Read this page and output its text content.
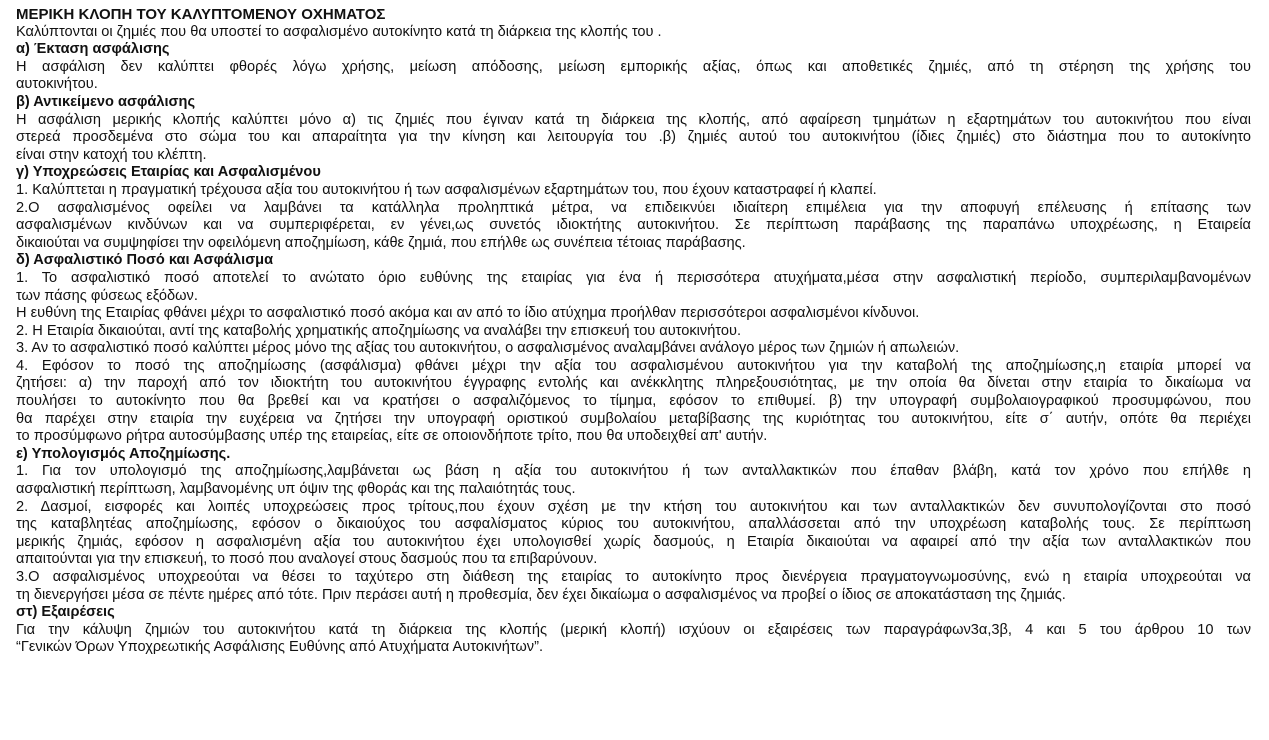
ΜΕΡΙΚΗ ΚΛΟΠΗ ΤΟΥ ΚΑΛΥΠΤΟΜΕΝΟΥ ΟΧΗΜΑΤΟΣ
Καλύπτονται οι ζημιές που θα υποστεί το ασφαλισμένο αυτοκίνητο κατά τη διάρκεια της κλοπής του .
α) Έκταση ασφάλισης
Η ασφάλιση δεν καλύπτει φθορές λόγω χρήσης, μείωση απόδοσης, μείωση εμπορικής αξίας, όπως και αποθετικές ζημιές, από τη στέρηση της χρήσης του
αυτοκινήτου.
β) Αντικείμενο ασφάλισης
Η ασφάλιση μερικής κλοπής καλύπτει μόνο α) τις ζημιές που έγιναν κατά τη διάρκεια της κλοπής, από αφαίρεση τμημάτων η εξαρτημάτων του αυτοκινήτου που είναι
στερεά προσδεμένα στο σώμα του και απαραίτητα για την κίνηση και λειτουργία του .β) ζημιές αυτού του αυτοκινήτου (ίδιες ζημιές) στο διάστημα που το αυτοκίνητο
είναι στην κατοχή του κλέπτη.
γ) Υποχρεώσεις Εταιρίας και Ασφαλισμένου
1. Καλύπτεται η πραγματική τρέχουσα αξία του αυτοκινήτου ή των ασφαλισμένων εξαρτημάτων του, που έχουν καταστραφεί ή κλαπεί.
2.Ο ασφαλισμένος οφείλει να λαμβάνει τα κατάλληλα προληπτικά μέτρα, να επιδεικνύει ιδιαίτερη επιμέλεια για την αποφυγή επέλευσης ή επίτασης των
ασφαλισμένων κινδύνων και να συμπεριφέρεται, εν γένει,ως συνετός ιδιοκτήτης αυτοκινήτου. Σε περίπτωση παράβασης της παραπάνω υποχρέωσης, η Εταιρεία
δικαιούται να συμψηφίσει την οφειλόμενη αποζημίωση, κάθε ζημιά, που επήλθε ως συνέπεια τέτοιας παράβασης.
δ) Ασφαλιστικό Ποσό και Ασφάλισμα
1. Το ασφαλιστικό ποσό αποτελεί το ανώτατο όριο ευθύνης της εταιρίας για ένα ή περισσότερα ατυχήματα,μέσα στην ασφαλιστική περίοδο, συμπεριλαμβανομένων
των πάσης φύσεως εξόδων.
Η ευθύνη της Εταιρίας φθάνει μέχρι το ασφαλιστικό ποσό ακόμα και αν από το ίδιο ατύχημα προήλθαν περισσότεροι ασφαλισμένοι κίνδυνοι.
2. Η Εταιρία δικαιούται, αντί της καταβολής χρηματικής αποζημίωσης να αναλάβει την επισκευή του αυτοκινήτου.
3. Αν το ασφαλιστικό ποσό καλύπτει μέρος μόνο της αξίας του αυτοκινήτου, ο ασφαλισμένος αναλαμβάνει ανάλογο μέρος των ζημιών ή απωλειών.
4. Εφόσον το ποσό της αποζημίωσης (ασφάλισμα) φθάνει μέχρι την αξία του ασφαλισμένου αυτοκινήτου για την καταβολή της αποζημίωσης,η εταιρία μπορεί να
ζητήσει: α) την παροχή από τον ιδιοκτήτη του αυτοκινήτου έγγραφης εντολής και ανέκκλητης πληρεξουσιότητας, με την οποία θα δίνεται στην εταιρία το δικαίωμα να
πουλήσει το αυτοκίνητο που θα βρεθεί και να κρατήσει ο ασφαλιζόμενος το τίμημα, εφόσον το επιθυμεί. β) την υπογραφή συμβολαιογραφικού προσυμφώνου, που
θα παρέχει στην εταιρία την ευχέρεια να ζητήσει την υπογραφή οριστικού συμβολαίου μεταβίβασης της κυριότητας του αυτοκινήτου, είτε σ΄ αυτήν, οπότε θα περιέχει
το προσύμφωνο ρήτρα αυτοσύμβασης υπέρ της εταιρείας, είτε σε οποιονδήποτε τρίτο, που θα υποδειχθεί απ' αυτήν.
ε) Υπολογισμός Αποζημίωσης.
1. Για τον υπολογισμό της αποζημίωσης,λαμβάνεται ως βάση η αξία του αυτοκινήτου ή των ανταλλακτικών που έπαθαν βλάβη, κατά τον χρόνο που επήλθε η
ασφαλιστική περίπτωση, λαμβανομένης υπ όψιν της φθοράς και της παλαιότητάς τους.
2. Δασμοί, εισφορές και λοιπές υποχρεώσεις προς τρίτους,που έχουν σχέση με την κτήση του αυτοκινήτου και των ανταλλακτικών δεν συνυπολογίζονται στο ποσό
της καταβλητέας αποζημίωσης, εφόσον ο δικαιούχος του ασφαλίσματος κύριος του αυτοκινήτου, απαλλάσσεται από την υποχρέωση καταβολής τους. Σε περίπτωση
μερικής ζημιάς, εφόσον η ασφαλισμένη αξία του αυτοκινήτου έχει υπολογισθεί χωρίς δασμούς, η Εταιρία δικαιούται να αφαιρεί από την αξία των ανταλλακτικών που
απαιτούνται για την επισκευή, το ποσό που αναλογεί στους δασμούς που τα επιβαρύνουν.
3.Ο ασφαλισμένος υποχρεούται να θέσει το ταχύτερο στη διάθεση της εταιρίας το αυτοκίνητο προς διενέργεια πραγματογνωμοσύνης, ενώ η εταιρία υποχρεούται να
τη διενεργήσει μέσα σε πέντε ημέρες από τότε. Πριν περάσει αυτή η προθεσμία, δεν έχει δικαίωμα ο ασφαλισμένος να προβεί ο ίδιος σε αποκατάσταση της ζημιάς.
στ) Εξαιρέσεις
Για την κάλυψη ζημιών του αυτοκινήτου κατά τη διάρκεια της κλοπής (μερική κλοπή) ισχύουν οι εξαιρέσεις των παραγράφων3α,3β, 4 και 5 του άρθρου 10 των
“Γενικών Όρων Υποχρεωτικής Ασφάλισης Ευθύνης από Ατυχήματα Αυτοκινήτων”.
